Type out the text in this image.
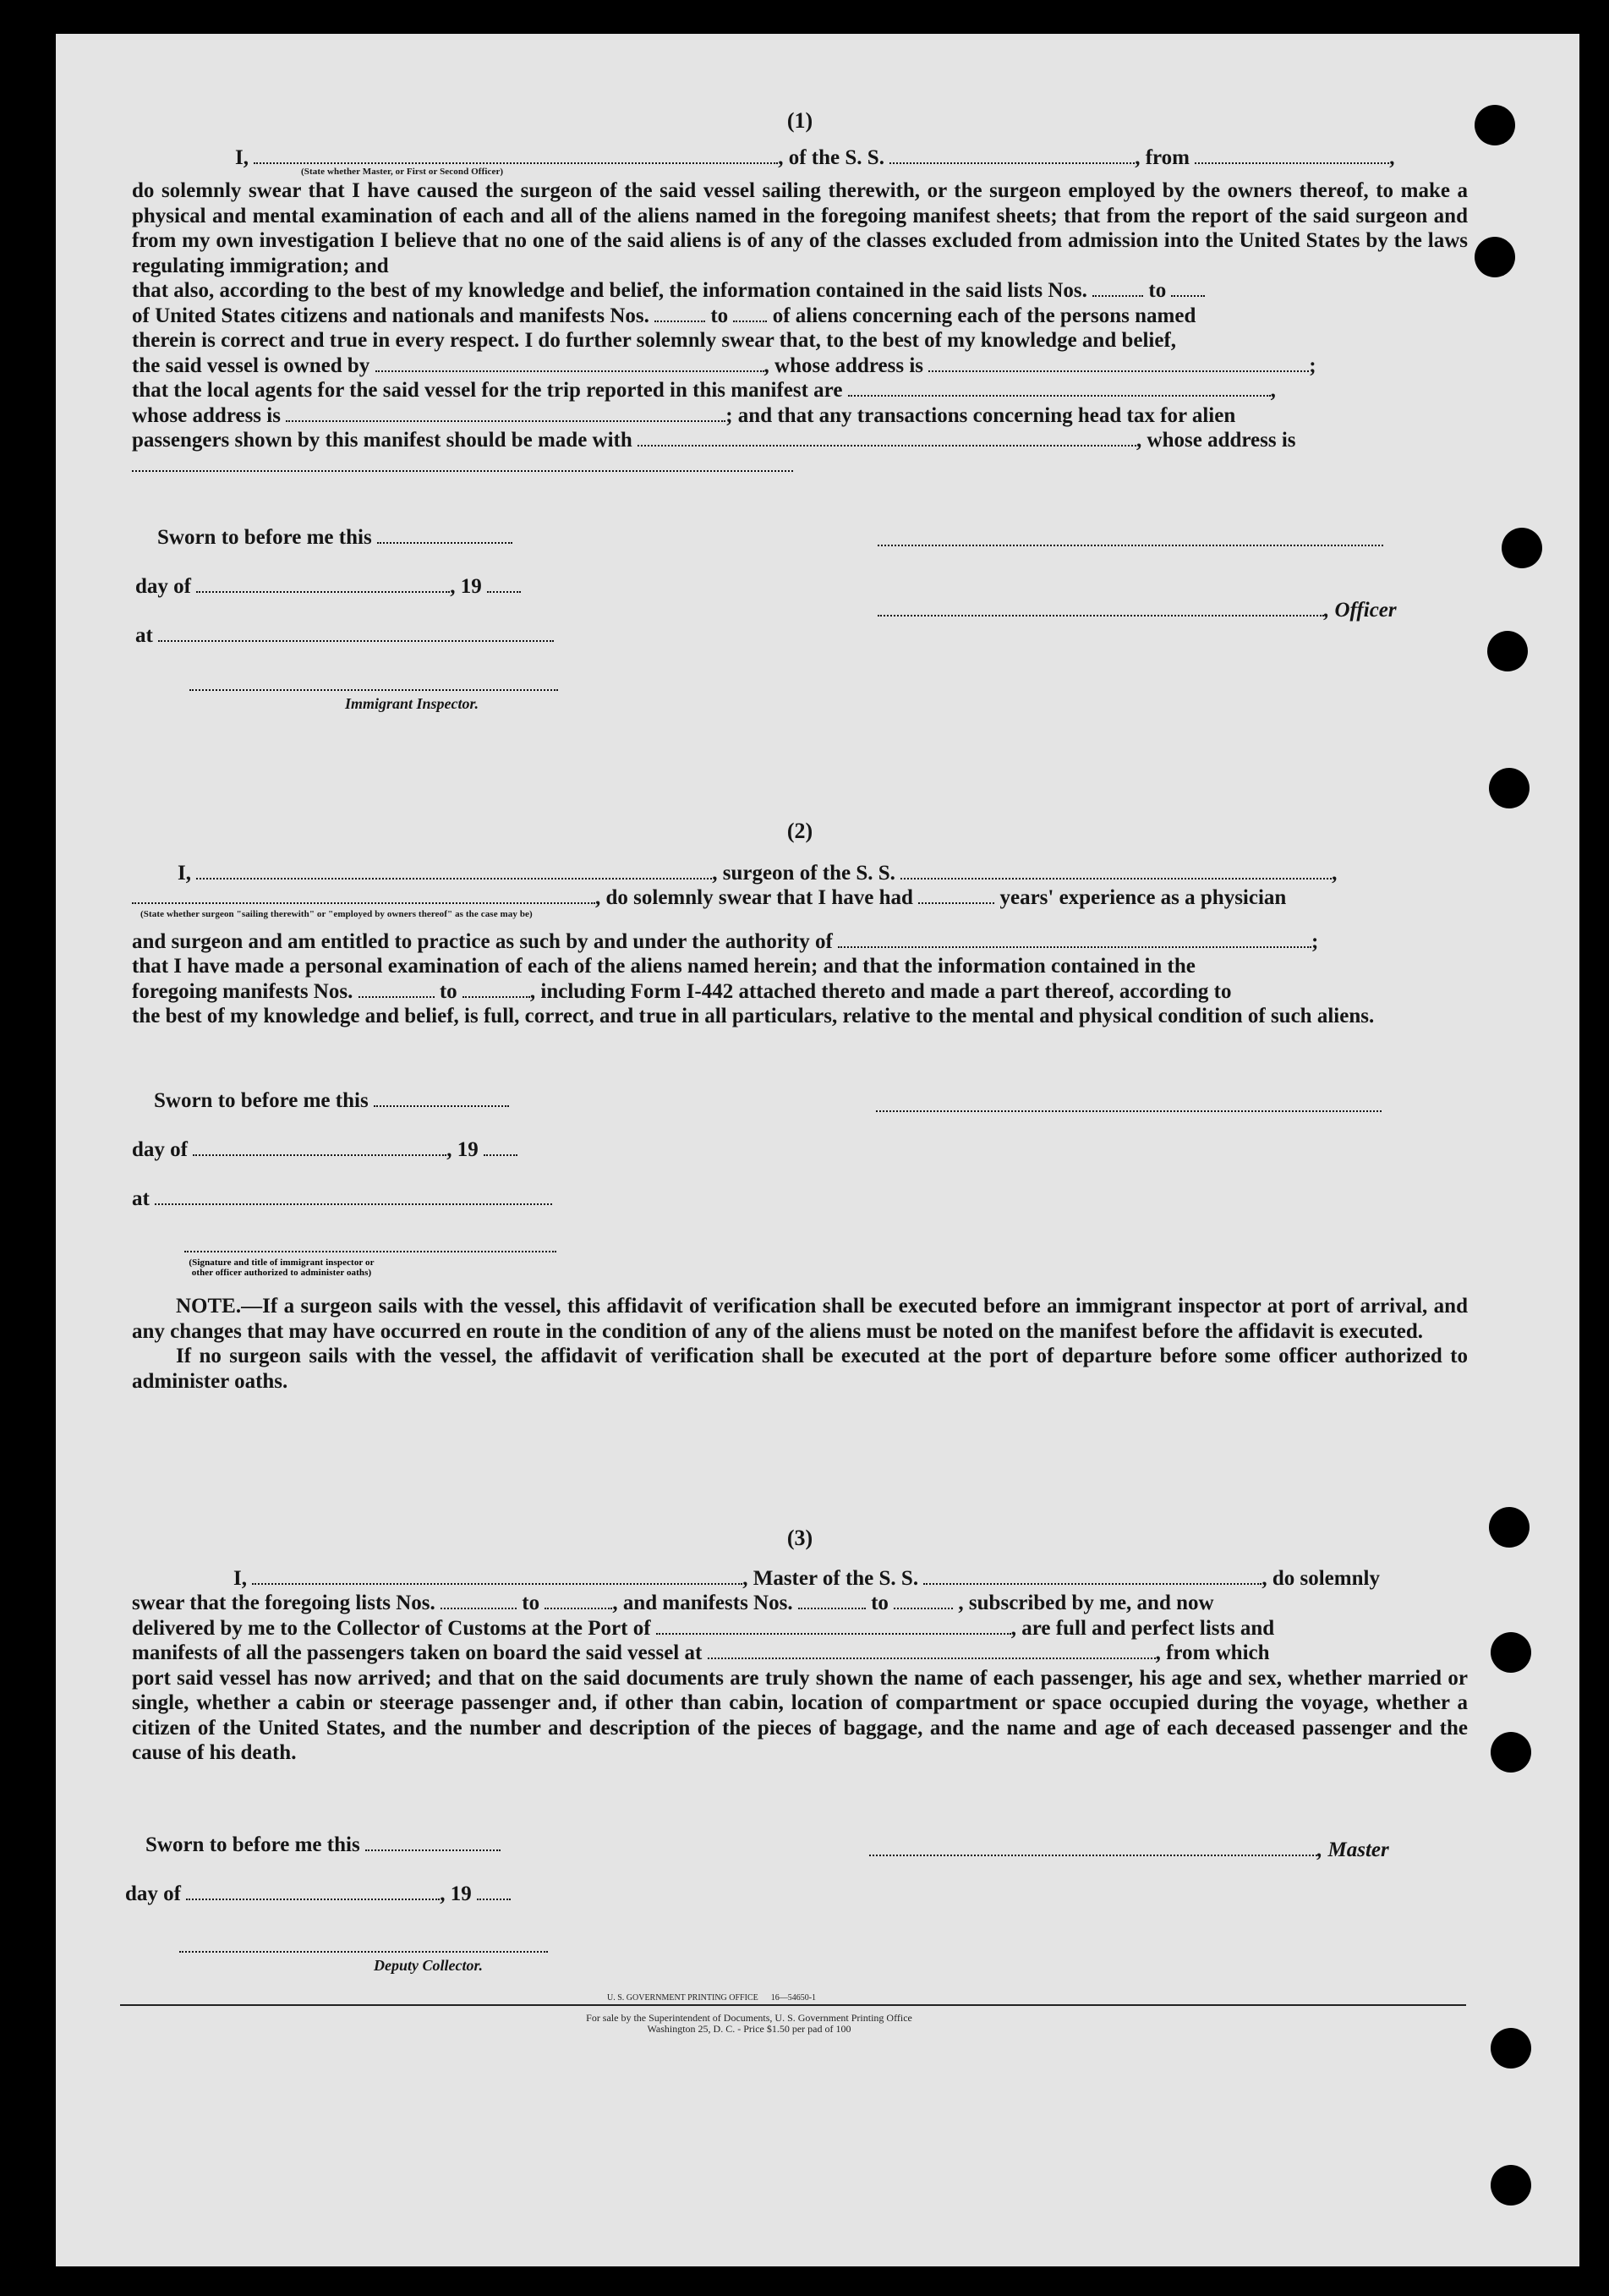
(1)

I,	, of the S. S.	, from	,
(State whether Master, or First or Second Officer)
do solemnly swear that I have caused the surgeon of the said vessel sailing therewith, or the surgeon employed by the owners thereof, to make a physical and mental examination of each and all of the aliens named in the foregoing manifest sheets; that from the report of the said surgeon and from my own investigation I believe that no one of the said aliens is of any of the classes excluded from admission into the United States by the laws regulating immigration; and
that also, according to the best of my knowledge and belief, the information contained in the said lists Nos.	to
of United States citizens and nationals and manifests Nos.	to of aliens concerning each of the persons named
therein is correct and true in every respect. I do further solemnly swear that, to the best of my knowledge and belief,
the said vessel is owned by	, whose address is	;
that the local agents for the said vessel for the trip reported in this manifest are	,
whose address is	; and that any transactions concerning head tax for alien
passengers shown by this manifest should be made with	, whose address is
Sworn to before me this
day of	, 19
at
Immigrant Inspector.
, Officer

(2)

I,	, surgeon of the S. S.	,
, do solemnly swear that I have had	years' experience as a physician
(State whether surgeon "sailing therewith" or "employed by owners thereof" as the case may be)
and surgeon and am entitled to practice as such by and under the authority of	;
that I have made a personal examination of each of the aliens named herein; and that the information contained in the
foregoing manifests Nos.	to	, including Form I-442 attached thereto and made a part thereof, according to
the best of my knowledge and belief, is full, correct, and true in all particulars, relative to the mental and physical condition of such aliens.
Sworn to before me this
day of	, 19
at
(Signature and title of immigrant inspector or other officer authorized to administer oaths)

NOTE.—If a surgeon sails with the vessel, this affidavit of verification shall be executed before an immigrant inspector at port of arrival, and any changes that may have occurred en route in the condition of any of the aliens must be noted on the manifest before the affidavit is executed.

If no surgeon sails with the vessel, the affidavit of verification shall be executed at the port of departure before some officer authorized to administer oaths.

(3)

I,	, Master of the S. S.	, do solemnly
swear that the foregoing lists Nos.	to	, and manifests Nos.	to	, subscribed by me, and now
delivered by me to the Collector of Customs at the Port of	, are full and perfect lists and
manifests of all the passengers taken on board the said vessel at	, from which
port said vessel has now arrived; and that on the said documents are truly shown the name of each passenger, his age and sex, whether married or single, whether a cabin or steerage passenger and, if other than cabin, location of compartment or space occupied during the voyage, whether a citizen of the United States, and the number and description of the pieces of baggage, and the name and age of each deceased passenger and the cause of his death.
Sworn to before me this
day of	, 19
Deputy Collector.
, Master
U. S. GOVERNMENT PRINTING OFFICE      16—54650-1
For sale by the Superintendent of Documents, U. S. Government Printing Office
Washington 25, D. C. - Price $1.50 per pad of 100
